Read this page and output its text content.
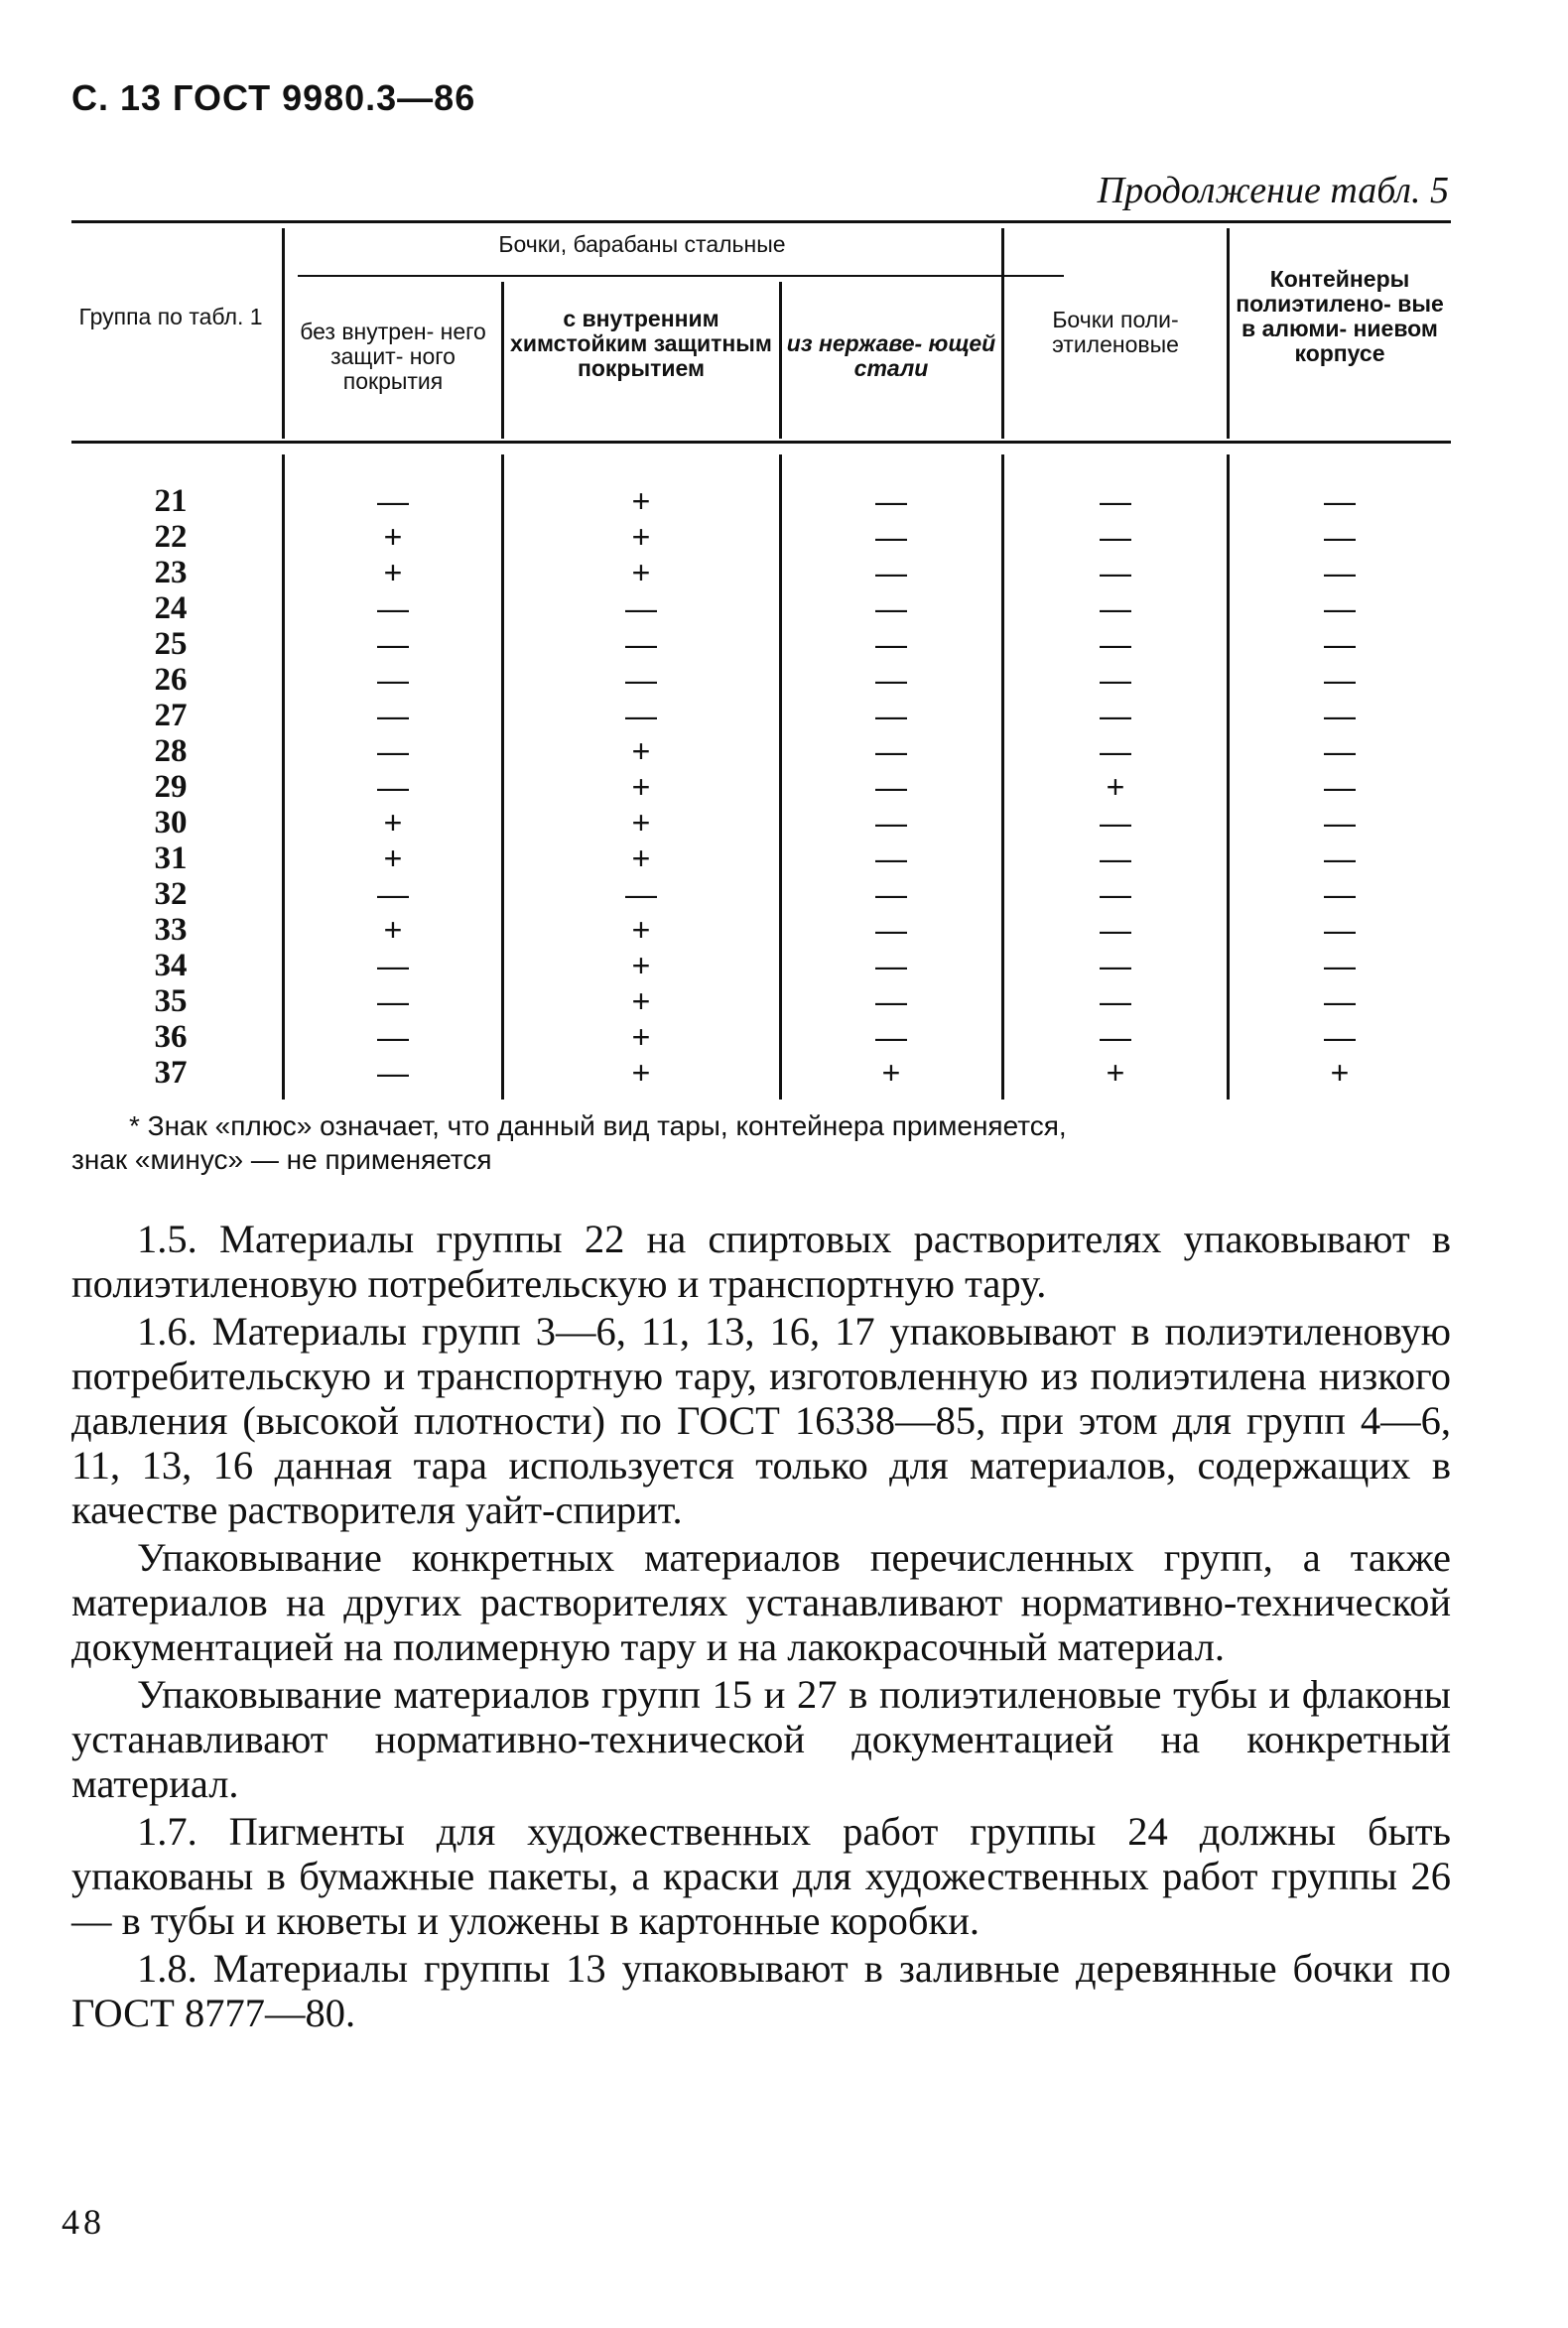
С. 13 ГОСТ 9980.3—86
Продолжение табл. 5
Бочки, барабаны стальные
Группа по табл. 1
без внутрен- него защит- ного покрытия
с внутренним химстойким защитным покрытием
из нержаве- ющей стали
Бочки поли- этиленовые
Контейнеры полиэтилено- вые в алюми- ниевом корпусе
21
22
23
24
25
26
27
28
29
30
31
32
33
34
35
36
37
—
+
+
—
—
—
—
—
—
+
+
—
+
—
—
—
—
+
+
+
—
—
—
—
+
+
+
+
—
+
+
+
+
+
—
—
—
—
—
—
—
—
—
—
—
—
—
—
—
—
+
—
—
—
—
—
—
—
—
+
—
—
—
—
—
—
—
+
—
—
—
—
—
—
—
—
—
—
—
—
—
—
—
—
+
* Знак «плюс» означает, что данный вид тары, контейнера применяется,
знак «минус» — не применяется

1.5. Материалы группы 22 на спиртовых растворителях упаковывают в полиэтиленовую потребительскую и транспортную тару.

1.6. Материалы групп 3—6, 11, 13, 16, 17 упаковывают в полиэтиленовую потребительскую и транспортную тару, изготовленную из полиэтилена низкого давления (высокой плотности) по ГОСТ 16338—85, при этом для групп 4—6, 11, 13, 16 данная тара используется только для материалов, содержащих в качестве растворителя уайт-спирит.

Упаковывание конкретных материалов перечисленных групп, а также материалов на других растворителях устанавливают нормативно-технической документацией на полимерную тару и на лакокрасочный материал.

Упаковывание материалов групп 15 и 27 в полиэтиленовые тубы и флаконы устанавливают нормативно-технической документацией на конкретный материал.

1.7. Пигменты для художественных работ группы 24 должны быть упакованы в бумажные пакеты, а краски для художественных работ группы 26 — в тубы и кюветы и уложены в картонные коробки.

1.8. Материалы группы 13 упаковывают в заливные деревянные бочки по ГОСТ 8777—80.

48
